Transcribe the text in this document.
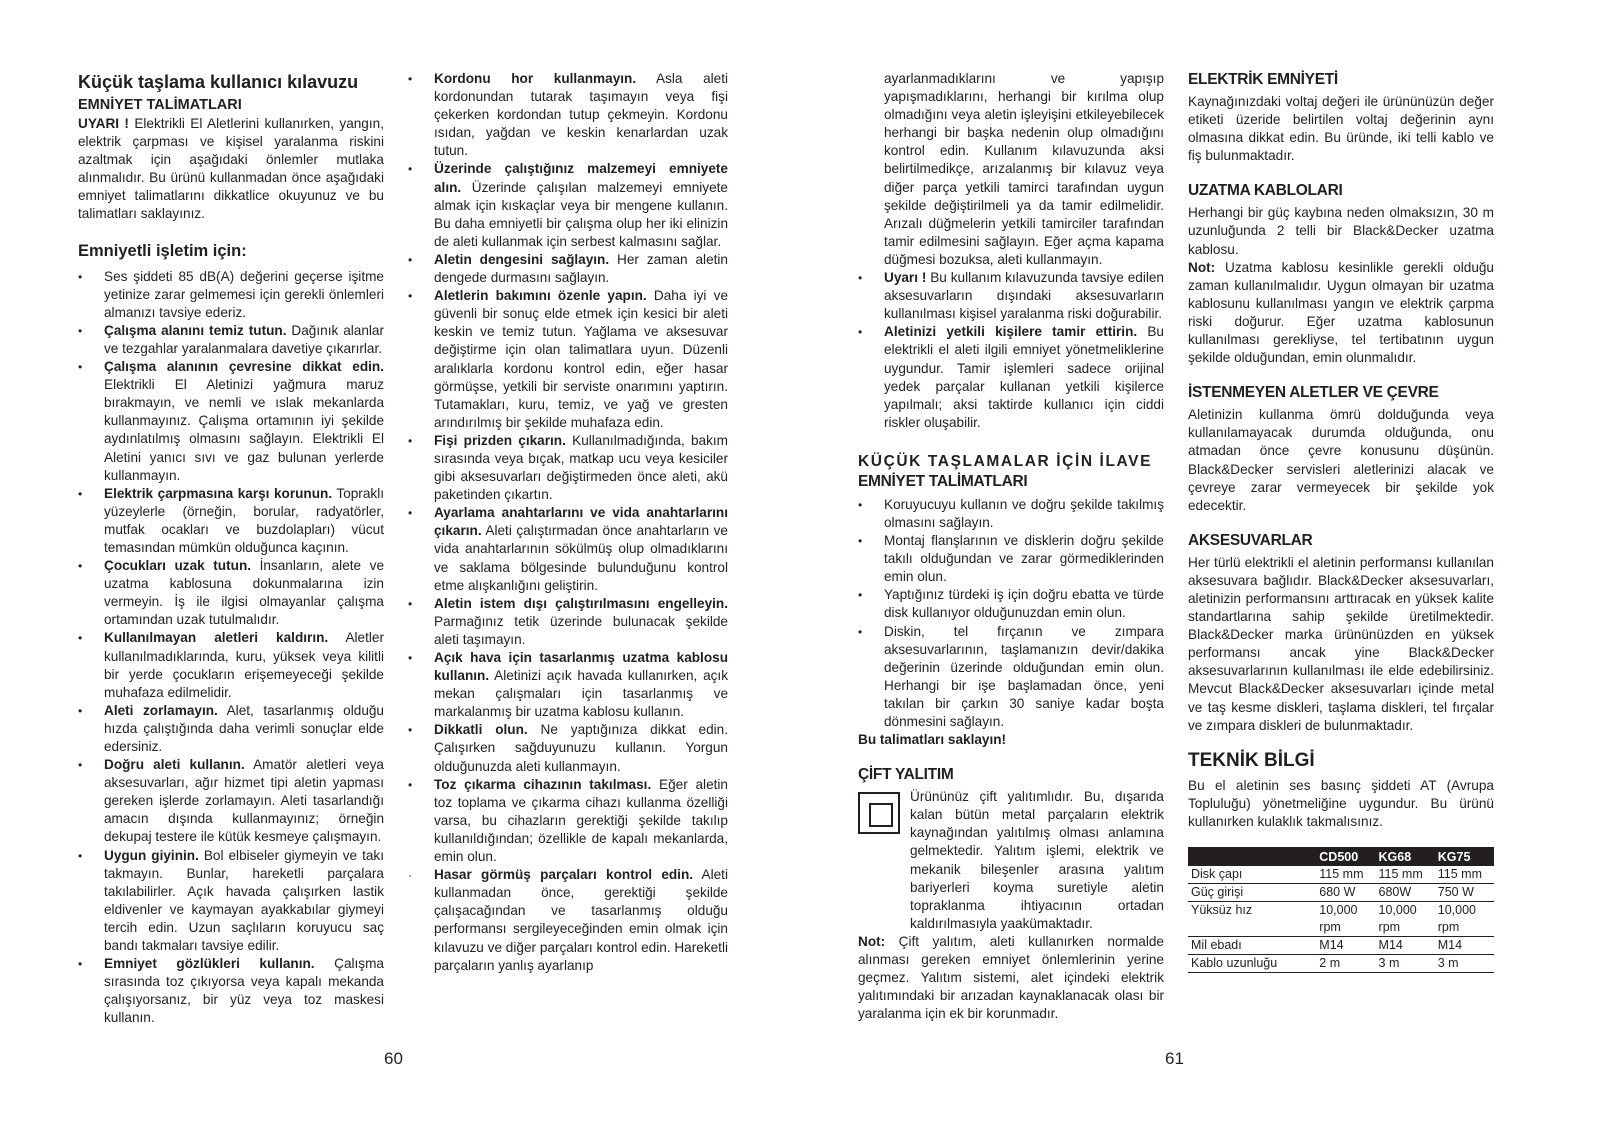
Küçük taşlama kullanıcı kılavuzu
EMNİYET TALİMATLARI

UYARI ! Elektrikli El Aletlerini kullanırken, yangın, elektrik çarpması ve kişisel yaralanma riskini azaltmak için aşağıdaki önlemler mutlaka alınmalıdır. Bu ürünü kullanmadan önce aşağıdaki emniyet talimatlarını dikkatlice okuyunuz ve bu talimatları saklayınız.

Emniyetli işletim için:
• Ses şiddeti 85 dB(A) değerini geçerse işitme yetinize zarar gelmemesi için gerekli önlemleri almanızı tavsiye ederiz.
• Çalışma alanını temiz tutun. Dağınık alanlar ve tezgahlar yaralanmalara davetiye çıkarırlar.
• Çalışma alanının çevresine dikkat edin. Elektrikli El Aletinizi yağmura maruz bırakmayın, ve nemli ve ıslak mekanlarda kullanmayınız. Çalışma ortamının iyi şekilde aydınlatılmış olmasını sağlayın. Elektrikli El Aletini yanıcı sıvı ve gaz bulunan yerlerde kullanmayın.
• Elektrik çarpmasına karşı korunun. Topraklı yüzeylerle (örneğin, borular, radyatörler, mutfak ocakları ve buzdolapları) vücut temasından mümkün olduğunca kaçının.
• Çocukları uzak tutun. İnsanların, alete ve uzatma kablosuna dokunmalarına izin vermeyin. İş ile ilgisi olmayanlar çalışma ortamından uzak tutulmalıdır.
• Kullanılmayan aletleri kaldırın. Aletler kullanılmadıklarında, kuru, yüksek veya kilitli bir yerde çocukların erişemeyeceği şekilde muhafaza edilmelidir.
• Aleti zorlamayın. Alet, tasarlanmış olduğu hızda çalıştığında daha verimli sonuçlar elde edersiniz.
• Doğru aleti kullanın. Amatör aletleri veya aksesuvarları, ağır hizmet tipi aletin yapması gereken işlerde zorlamayın. Aleti tasarlandığı amacın dışında kullanmayınız; örneğin dekupaj testere ile kütük kesmeye çalışmayın.
• Uygun giyinin. Bol elbiseler giymeyin ve takı takmayın. Bunlar, hareketli parçalara takılabilirler. Açık havada çalışırken lastik eldivenler ve kaymayan ayakkabılar giymeyi tercih edin. Uzun saçlıların koruyucu saç bandı takmaları tavsiye edilir.
• Emniyet gözlükleri kullanın. Çalışma sırasında toz çıkıyorsa veya kapalı mekanda çalışıyorsanız, bir yüz veya toz maskesi kullanın.
• Kordonu hor kullanmayın. Asla aleti kordonundan tutarak taşımayın veya fişi çekerken kordondan tutup çekmeyin. Kordonu ısıdan, yağdan ve keskin kenarlardan uzak tutun.
• Üzerinde çalıştığınız malzemeyi emniyete alın. Üzerinde çalışılan malzemeyi emniyete almak için kıskaçlar veya bir mengene kullanın. Bu daha emniyetli bir çalışma olup her iki elinizin de aleti kullanmak için serbest kalmasını sağlar.
• Aletin dengesini sağlayın. Her zaman aletin dengede durmasını sağlayın.
• Aletlerin bakımını özenle yapın. Daha iyi ve güvenli bir sonuç elde etmek için kesici bir aleti keskin ve temiz tutun. Yağlama ve aksesuvar değiştirme için olan talimatlara uyun. Düzenli aralıklarla kordonu kontrol edin, eğer hasar görmüşse, yetkili bir serviste onarımını yaptırın. Tutamakları, kuru, temiz, ve yağ ve gresten arındırılmış bir şekilde muhafaza edin.
• Fişi prizden çıkarın. Kullanılmadığında, bakım sırasında veya bıçak, matkap ucu veya kesiciler gibi aksesuvarları değiştirmeden önce aleti, akü paketinden çıkartın.
• Ayarlama anahtarlarını ve vida anahtarlarını çıkarın. Aleti çalıştırmadan önce anahtarların ve vida anahtarlarının sökülmüş olup olmadıklarını ve saklama bölgesinde bulunduğunu kontrol etme alışkanlığını geliştirin.
• Aletin istem dışı çalıştırılmasını engelleyin. Parmağınız tetik üzerinde bulunacak şekilde aleti taşımayın.
• Açık hava için tasarlanmış uzatma kablosu kullanın. Aletinizi açık havada kullanırken, açık mekan çalışmaları için tasarlanmış ve markalanmış bir uzatma kablosu kullanın.
• Dikkatli olun. Ne yaptığınıza dikkat edin. Çalışırken sağduyunuzu kullanın. Yorgun olduğunuzda aleti kullanmayın.
• Toz çıkarma cihazının takılması. Eğer aletin toz toplama ve çıkarma cihazı kullanma özelliği varsa, bu cihazların gerektiği şekilde takılıp kullanıldığından; özellikle de kapalı mekanlarda, emin olun.
· Hasar görmüş parçaları kontrol edin. Aleti kullanmadan önce, gerektiği şekilde çalışacağından ve tasarlanmış olduğu performansı sergileyeceğinden emin olmak için kılavuzu ve diğer parçaları kontrol edin. Hareketli parçaların yanlış ayarlanıp

ayarlanmadıklarını ve yapışıp yapışmadıklarını, herhangi bir kırılma olup olmadığını veya aletin işleyişini etkileyebilecek herhangi bir başka nedenin olup olmadığını kontrol edin. Kullanım kılavuzunda aksi belirtilmedikçe, arızalanmış bir kılavuz veya diğer parça yetkili tamirci tarafından uygun şekilde değiştirilmeli ya da tamir edilmelidir. Arızalı düğmelerin yetkili tamirciler tarafından tamir edilmesini sağlayın. Eğer açma kapama düğmesi bozuksa, aleti kullanmayın.

• Uyarı ! Bu kullanım kılavuzunda tavsiye edilen aksesuvarların dışındaki aksesuvarların kullanılması kişisel yaralanma riski doğurabilir.
• Aletinizi yetkili kişilere tamir ettirin. Bu elektrikli el aleti ilgili emniyet yönetmeliklerine uygundur. Tamir işlemleri sadece orijinal yedek parçalar kullanan yetkili kişilerce yapılmalı; aksi taktirde kullanıcı için ciddi riskler oluşabilir.
KÜÇÜK TAŞLAMALAR İÇİN İLAVE
EMNİYET TALİMATLARI
• Koruyucuyu kullanın ve doğru şekilde takılmış olmasını sağlayın.
• Montaj flanşlarının ve disklerin doğru şekilde takılı olduğundan ve zarar görmediklerinden emin olun.
• Yaptığınız türdeki iş için doğru ebatta ve türde disk kullanıyor olduğunuzdan emin olun.
• Diskin, tel fırçanın ve zımpara aksesuvarlarının, taşlamanızın devir/dakika değerinin üzerinde olduğundan emin olun. Herhangi bir işe başlamadan önce, yeni takılan bir çarkın 30 saniye kadar boşta dönmesini sağlayın.

Bu talimatları saklayın!

ÇİFT YALITIM

Ürününüz çift yalıtımlıdır. Bu, dışarıda kalan bütün metal parçaların elektrik kaynağından yalıtılmış olması anlamına gelmektedir. Yalıtım işlemi, elektrik ve mekanik bileşenler arasına yalıtım bariyerleri koyma suretiyle aletin topraklanma ihtiyacının ortadan kaldırılmasıyla yaakümaktadır.

Not: Çift yalıtım, aleti kullanırken normalde alınması gereken emniyet önlemlerinin yerine geçmez. Yalıtım sistemi, alet içindeki elektrik yalıtımındaki bir arızadan kaynaklanacak olası bir yaralanma için ek bir korunmadır.

ELEKTRİK EMNİYETİ

Kaynağınızdaki voltaj değeri ile ürününüzün değer etiketi üzeride belirtilen voltaj değerinin aynı olmasına dikkat edin. Bu üründe, iki telli kablo ve fiş bulunmaktadır.

UZATMA KABLOLARI

Herhangi bir güç kaybına neden olmaksızın, 30 m uzunluğunda 2 telli bir Black&Decker uzatma kablosu.

Not: Uzatma kablosu kesinlikle gerekli olduğu zaman kullanılmalıdır. Uygun olmayan bir uzatma kablosunu kullanılması yangın ve elektrik çarpma riski doğurur. Eğer uzatma kablosunun kullanılması gerekliyse, tel tertibatının uygun şekilde olduğundan, emin olunmalıdır.

İSTENMEYEN ALETLER VE ÇEVRE

Aletinizin kullanma ömrü dolduğunda veya kullanılamayacak durumda olduğunda, onu atmadan önce çevre konusunu düşünün. Black&Decker servisleri aletlerinizi alacak ve çevreye zarar vermeyecek bir şekilde yok edecektir.

AKSESUVARLAR

Her türlü elektrikli el aletinin performansı kullanılan aksesuvara bağlıdır. Black&Decker aksesuvarları, aletinizin performansını arttıracak en yüksek kalite standartlarına sahip şekilde üretilmektedir. Black&Decker marka ürününüzden en yüksek performansı ancak yine Black&Decker aksesuvarlarının kullanılması ile elde edebilirsiniz. Mevcut Black&Decker aksesuvarları içinde metal ve taş kesme diskleri, taşlama diskleri, tel fırçalar ve zımpara diskleri de bulunmaktadır.

TEKNİK BİLGİ

Bu el aletinin ses basınç şiddeti AT (Avrupa Topluluğu) yönetmeliğine uygundur. Bu ürünü kullanırken kulaklık takmalısınız.

	CD500	KG68	KG75
Disk çapı	115 mm	115 mm	115 mm
Güç girişi	680 W	680W	750 W
Yüksüz hız	10,000 rpm	10,000 rpm	10,000 rpm
Mil ebadı	M14	M14	M14
Kablo uzunluğu	2 m	3 m	3 m
60	61
